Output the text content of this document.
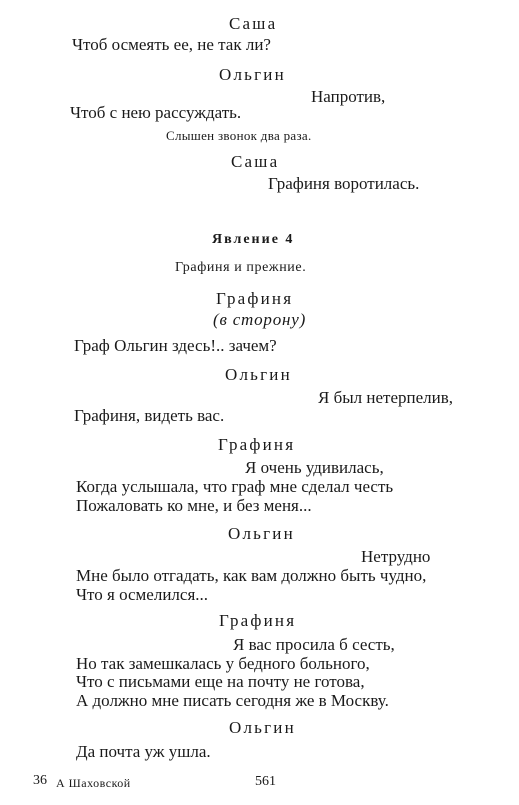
Саша
Чтоб осмеять ее, не так ли?
Ольгин
Напротив,
Чтоб с нею рассуждать.
Слышен звонок два раза.
Саша
Графиня воротилась.
Явление 4
Графиня и прежние.
Графиня
(в сторону)
Граф Ольгин здесь!.. зачем?
Ольгин
Я был нетерпелив,
Графиня, видеть вас.
Графиня
Я очень удивилась,
Когда услышала, что граф мне сделал честь
Пожаловать ко мне, и без меня...
Ольгин
Нетрудно
Мне было отгадать, как вам должно быть чудно,
Что я осмелился...
Графиня
Я вас просила б сесть,
Но так замешкалась у бедного больного,
Что с письмами еще на почту не готова,
А должно мне писать сегодня же в Москву.
Ольгин
Да почта уж ушла.
36 А Шаховской	561
